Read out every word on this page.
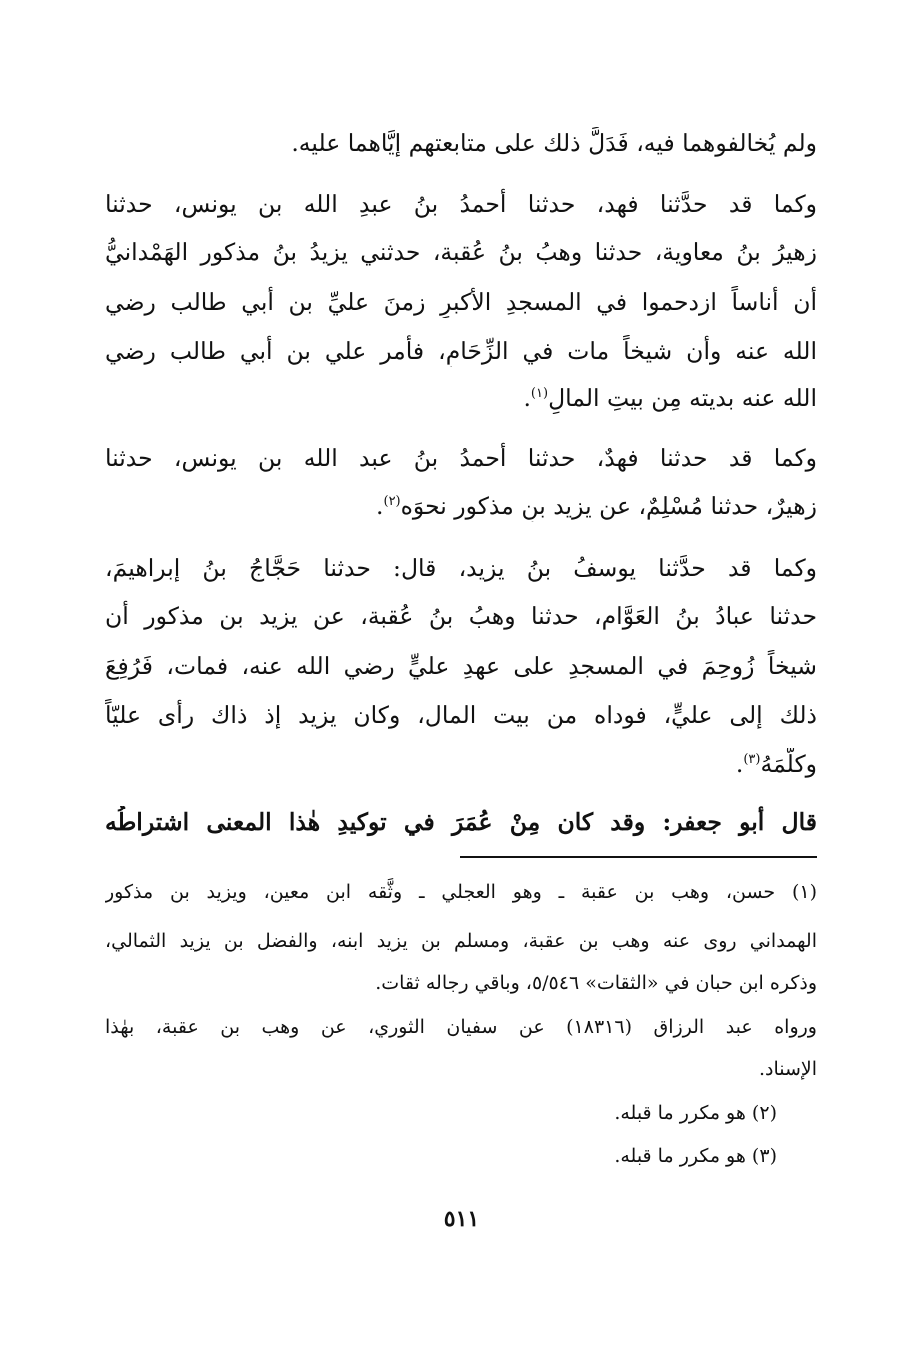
ولم يُخالفوهما فيه، فَدَلَّ ذلك على متابعتهم إيَّاهما عليه.
وكما قد حدَّثنا فهد، حدثنا أحمدُ بنُ عبدِ الله بن يونس، حدثنا
زهيرُ بنُ معاوية، حدثنا وهبُ بنُ عُقبة، حدثني يزيدُ بنُ مذكور الهَمْدانيُّ
أن أناساً ازدحموا في المسجدِ الأكبرِ زمنَ عليِّ بن أبي طالب رضي
الله عنه وأن شيخاً مات في الزِّحَامِ، فأمر علي بن أبي طالب رضي
الله عنه بديته مِن بيتِ المالِ$^{(١)}$.
وكما قد حدثنا فهدٌ، حدثنا أحمدُ بنُ عبد الله بن يونس، حدثنا
زهيرٌ، حدثنا مُسْلِمٌ، عن يزيد بنِ مذكور نحوَه$^{(٢)}$.
وكما قد حدَّثنا يوسفُ بنُ يزيد، قال: حدثنا حَجَّاجُ بنُ إبراهيمَ،
حدثنا عبادُ بنُ العَوَّام، حدثنا وهبُ بنُ عُقبة، عن يزيد بن مذكور أن
شيخاً زُوحِمَ في المسجدِ على عهدِ عليٍّ رضي الله عنه، فمات، فَرُفِعَ
ذلك إلى عليٍّ، فوداه من بيت المال، وكان يزيد إذ ذاك رأى عليّاً
وكلَّمَهُ$^{(٣)}$.
قال أبو جعفر: وقد كان مِنْ عُمَرَ في توكيدِ هٰذا المعنى اشتراطُه
(١) حسن، وهب بن عقبة ـ وهو العجلي ـ وثَّقه ابن معين، ويزيد بن مذكور
الهمداني روى عنه وهب بن عقبة، ومسلم بن يزيد ابنه، والفضل بن يزيد الثمالي،
وذكره ابن حبان في «الثقات» ٥/٥٤٦، وباقي رجاله ثقات.
ورواه عبد الرزاق (١٨٣١٦) عن سفيان الثوري، عن وهب بن عقبة، بهٰذا
الإسناد.
(٢) هو مكرر ما قبله.
(٣) هو مكرر ما قبله.
٥١١
